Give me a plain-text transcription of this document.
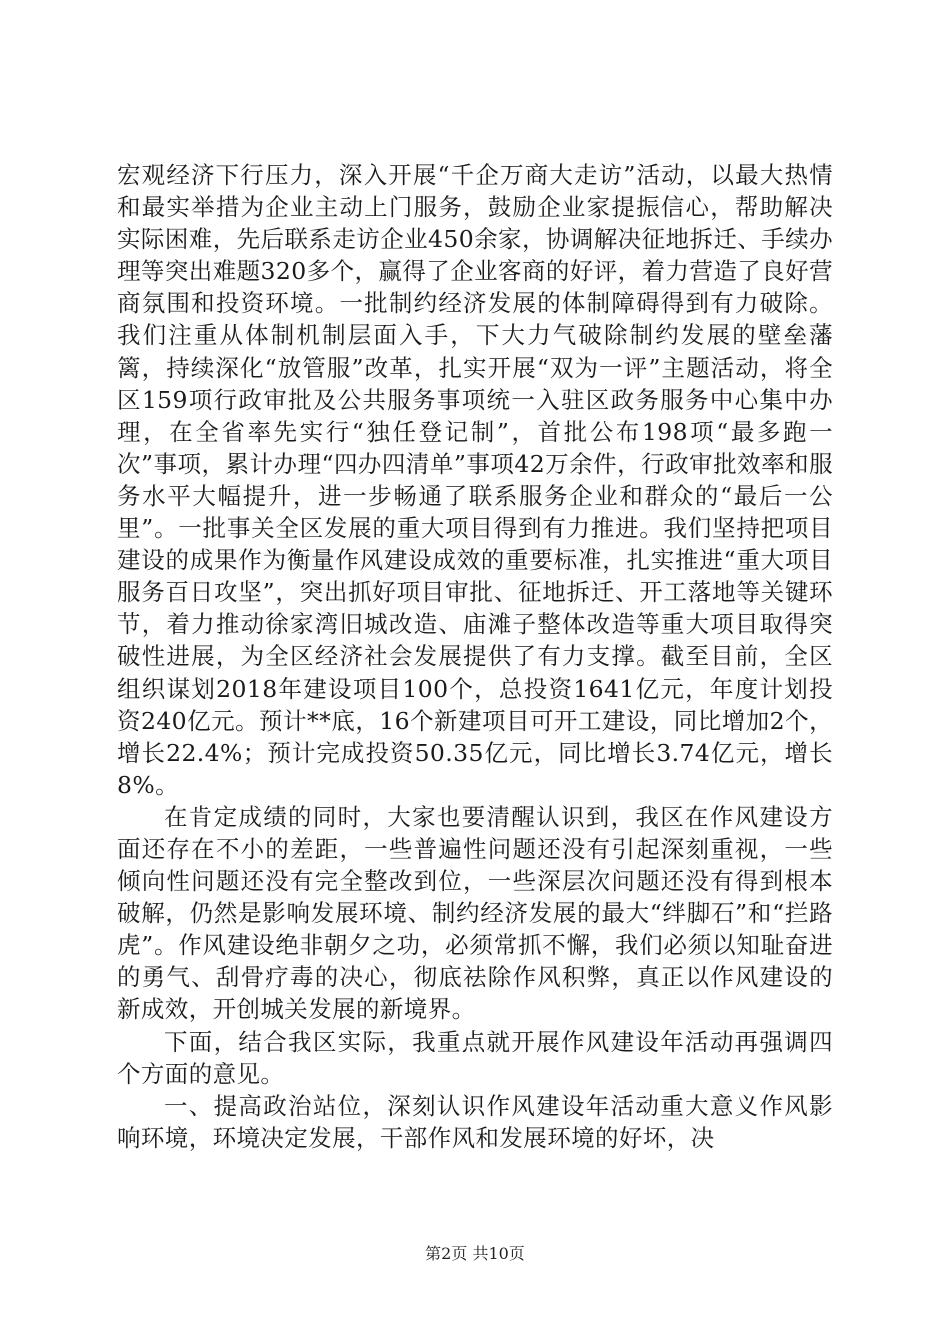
宏观经济下行压力，深入开展“千企万商大走访”活动，以最大热情和最实举措为企业主动上门服务，鼓励企业家提振信心，帮助解决实际困难，先后联系走访企业450余家，协调解决征地拆迁、手续办理等突出难题320多个，赢得了企业客商的好评，着力营造了良好营商氛围和投资环境。一批制约经济发展的体制障碍得到有力破除。我们注重从体制机制层面入手，下大力气破除制约发展的壁垒藩篱，持续深化“放管服”改革，扎实开展“双为一评”主题活动，将全区159项行政审批及公共服务事项统一入驻区政务服务中心集中办理，在全省率先实行“独任登记制”，首批公布198项“最多跑一次”事项，累计办理“四办四清单”事项42万余件，行政审批效率和服务水平大幅提升，进一步畅通了联系服务企业和群众的“最后一公里”。一批事关全区发展的重大项目得到有力推进。我们坚持把项目建设的成果作为衡量作风建设成效的重要标准，扎实推进“重大项目服务百日攻坚”，突出抓好项目审批、征地拆迁、开工落地等关键环节，着力推动徐家湾旧城改造、庙滩子整体改造等重大项目取得突破性进展，为全区经济社会发展提供了有力支撑。截至目前，全区组织谋划2018年建设项目100个，总投资1641亿元，年度计划投资240亿元。预计**底，16个新建项目可开工建设，同比增加2个，增长22.4%；预计完成投资50.35亿元，同比增长3.74亿元，增长8%。

在肯定成绩的同时，大家也要清醒认识到，我区在作风建设方面还存在不小的差距，一些普遍性问题还没有引起深刻重视，一些倾向性问题还没有完全整改到位，一些深层次问题还没有得到根本破解，仍然是影响发展环境、制约经济发展的最大“绊脚石”和“拦路虎”。作风建设绝非朝夕之功，必须常抓不懈，我们必须以知耻奋进的勇气、刮骨疗毒的决心，彻底祛除作风积弊，真正以作风建设的新成效，开创城关发展的新境界。

下面，结合我区实际，我重点就开展作风建设年活动再强调四个方面的意见。

一、提高政治站位，深刻认识作风建设年活动重大意义作风影响环境，环境决定发展，干部作风和发展环境的好坏，决

第2页 共10页
